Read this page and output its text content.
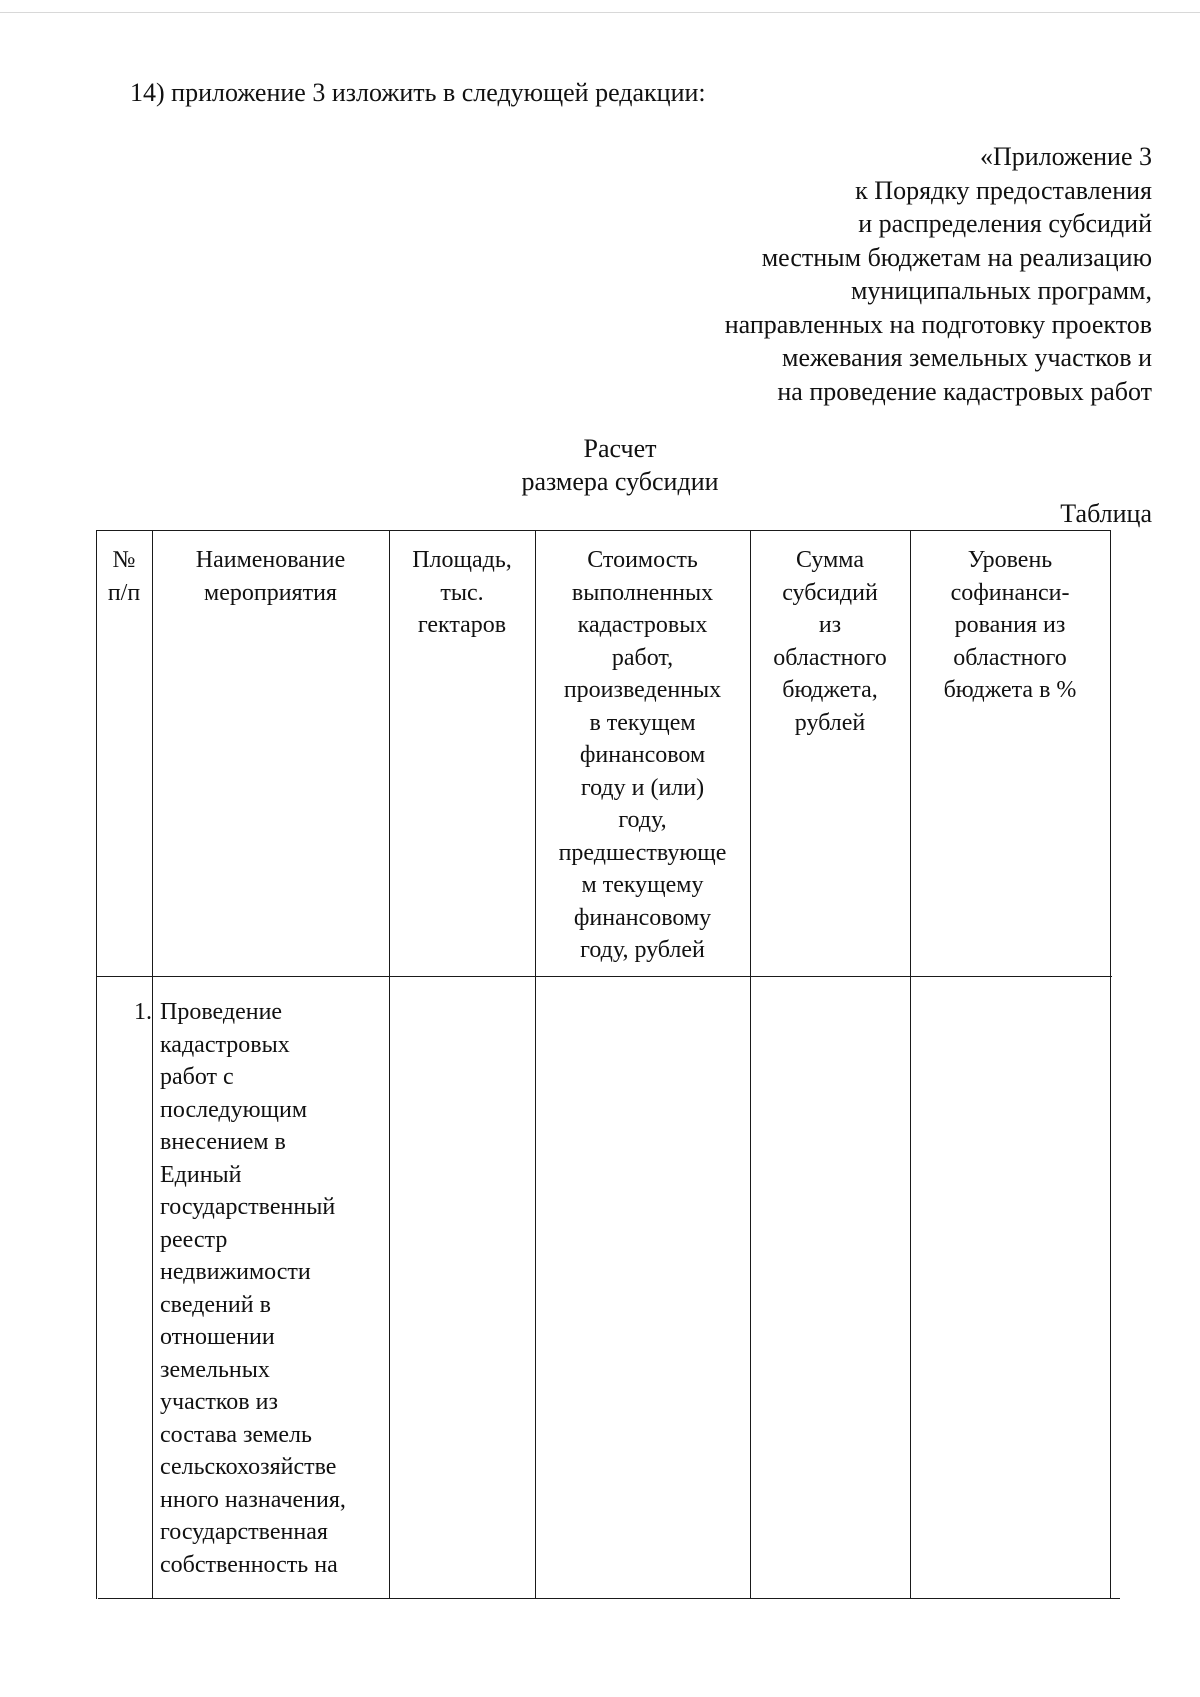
14) приложение 3 изложить в следующей редакции:
«Приложение 3
к Порядку предоставления
и распределения субсидий
местным бюджетам на реализацию
муниципальных программ,
направленных на подготовку проектов
межевания земельных участков и
на проведение кадастровых работ
Расчет
размера субсидии
Таблица
№
п/п
Наименование
мероприятия
Площадь,
тыс.
гектаров
Стоимость
выполненных
кадастровых
работ,
произведенных
в текущем
финансовом
году и (или)
году,
предшествующе
м текущему
финансовому
году, рублей
Сумма
субсидий
из
областного
бюджета,
рублей
Уровень
софинанси-
рования из
областного
бюджета в %
1. Проведение
кадастровых
работ с
последующим
внесением в
Единый
государственный
реестр
недвижимости
сведений в
отношении
земельных
участков из
состава земель
сельскохозяйстве
нного назначения,
государственная
собственность на
